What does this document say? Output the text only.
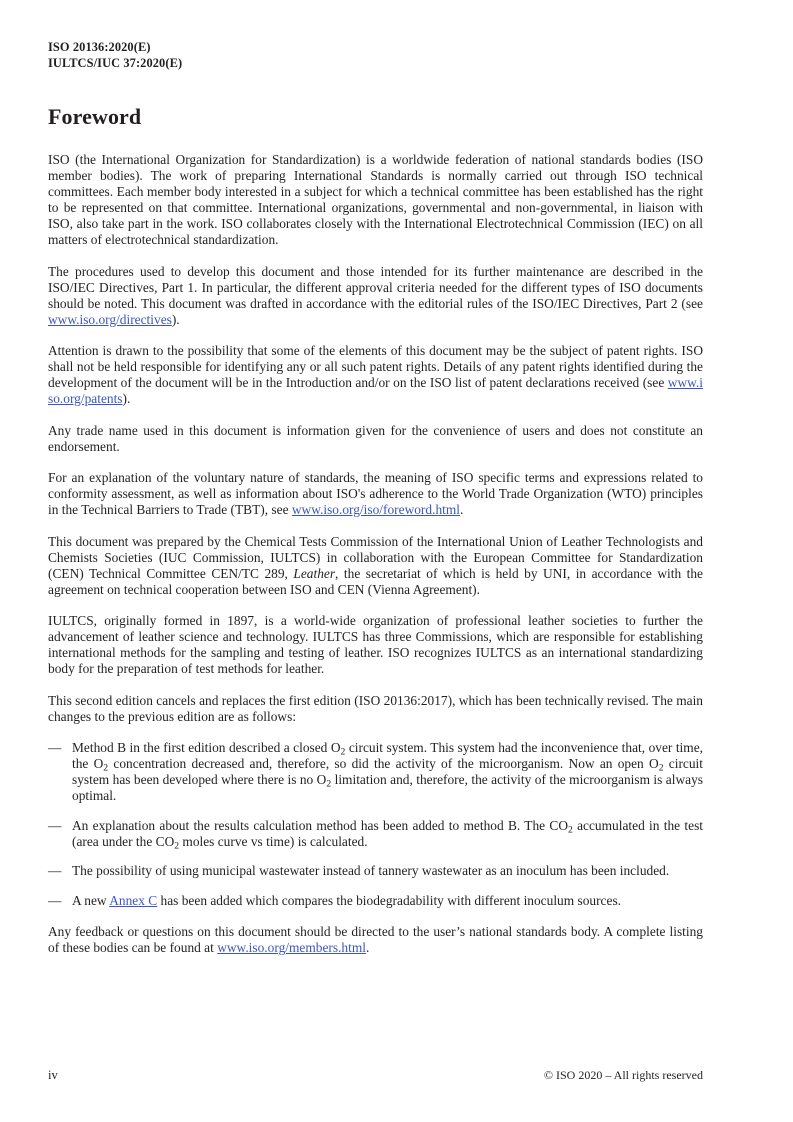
ISO 20136:2020(E)
IULTCS/IUC 37:2020(E)
Foreword

ISO (the International Organization for Standardization) is a worldwide federation of national standards bodies (ISO member bodies). The work of preparing International Standards is normally carried out through ISO technical committees. Each member body interested in a subject for which a technical committee has been established has the right to be represented on that committee. International organizations, governmental and non-governmental, in liaison with ISO, also take part in the work. ISO collaborates closely with the International Electrotechnical Commission (IEC) on all matters of electrotechnical standardization.

The procedures used to develop this document and those intended for its further maintenance are described in the ISO/IEC Directives, Part 1. In particular, the different approval criteria needed for the different types of ISO documents should be noted. This document was drafted in accordance with the editorial rules of the ISO/IEC Directives, Part 2 (see www.iso.org/directives).

Attention is drawn to the possibility that some of the elements of this document may be the subject of patent rights. ISO shall not be held responsible for identifying any or all such patent rights. Details of any patent rights identified during the development of the document will be in the Introduction and/or on the ISO list of patent declarations received (see www.iso.org/patents).

Any trade name used in this document is information given for the convenience of users and does not constitute an endorsement.

For an explanation of the voluntary nature of standards, the meaning of ISO specific terms and expressions related to conformity assessment, as well as information about ISO's adherence to the World Trade Organization (WTO) principles in the Technical Barriers to Trade (TBT), see www.iso.org/iso/foreword.html.

This document was prepared by the Chemical Tests Commission of the International Union of Leather Technologists and Chemists Societies (IUC Commission, IULTCS) in collaboration with the European Committee for Standardization (CEN) Technical Committee CEN/TC 289, Leather, the secretariat of which is held by UNI, in accordance with the agreement on technical cooperation between ISO and CEN (Vienna Agreement).

IULTCS, originally formed in 1897, is a world-wide organization of professional leather societies to further the advancement of leather science and technology. IULTCS has three Commissions, which are responsible for establishing international methods for the sampling and testing of leather. ISO recognizes IULTCS as an international standardizing body for the preparation of test methods for leather.

This second edition cancels and replaces the first edition (ISO 20136:2017), which has been technically revised. The main changes to the previous edition are as follows:

— Method B in the first edition described a closed $O_2$ circuit system. This system had the inconvenience that, over time, the $O_2$ concentration decreased and, therefore, so did the activity of the microorganism. Now an open $O_2$ circuit system has been developed where there is no $O_2$ limitation and, therefore, the activity of the microorganism is always optimal.
— An explanation about the results calculation method has been added to method B. The $CO_2$ accumulated in the test (area under the $CO_2$ moles curve vs time) is calculated.
— The possibility of using municipal wastewater instead of tannery wastewater as an inoculum has been included.
— A new Annex C has been added which compares the biodegradability with different inoculum sources.

Any feedback or questions on this document should be directed to the user’s national standards body. A complete listing of these bodies can be found at www.iso.org/members.html.

iv	© ISO 2020 – All rights reserved
